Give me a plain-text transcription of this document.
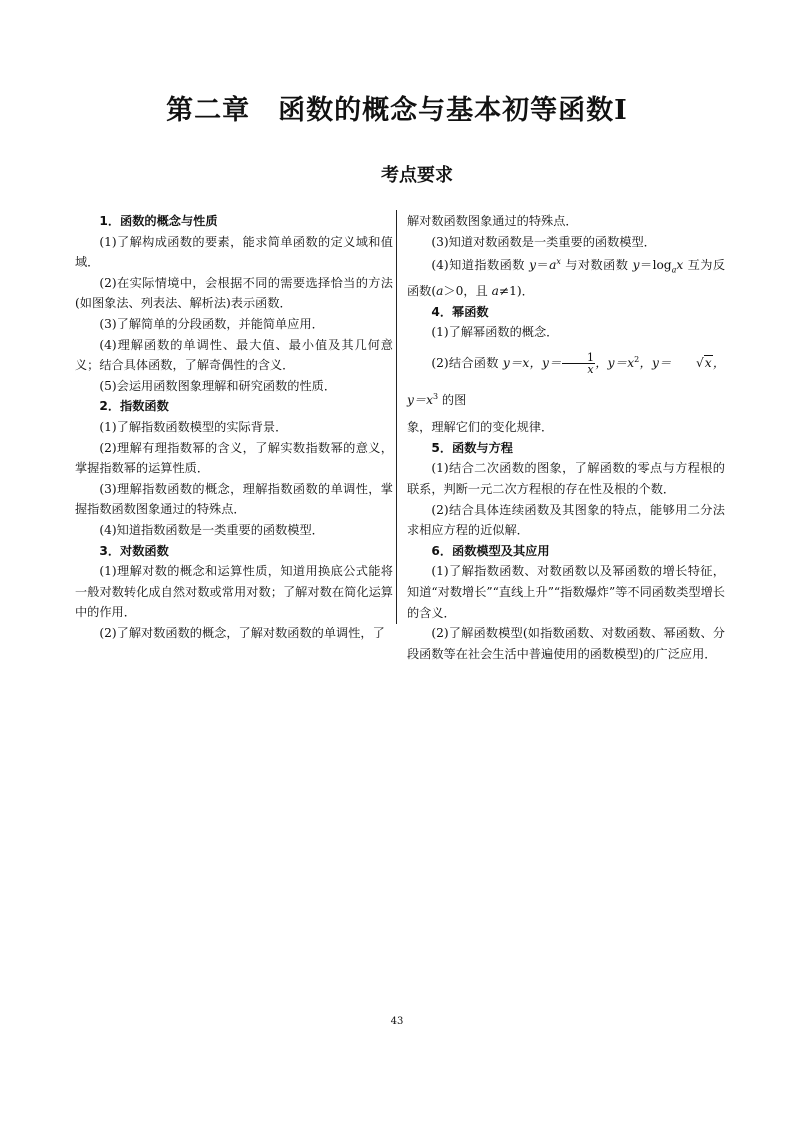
第二章　函数的概念与基本初等函数Ⅰ
考点要求
1．函数的概念与性质

(1)了解构成函数的要素，能求简单函数的定义域和值域．

(2)在实际情境中，会根据不同的需要选择恰当的方法(如图象法、列表法、解析法)表示函数．

(3)了解简单的分段函数，并能简单应用．

(4)理解函数的单调性、最大值、最小值及其几何意义；结合具体函数，了解奇偶性的含义．

(5)会运用函数图象理解和研究函数的性质．

2．指数函数

(1)了解指数函数模型的实际背景．

(2)理解有理指数幂的含义，了解实数指数幂的意义，掌握指数幂的运算性质．

(3)理解指数函数的概念，理解指数函数的单调性，掌握指数函数图象通过的特殊点．

(4)知道指数函数是一类重要的函数模型．

3．对数函数

(1)理解对数的概念和运算性质，知道用换底公式能将一般对数转化成自然对数或常用对数；了解对数在简化运算中的作用．

(2)了解对数函数的概念，了解对数函数的单调性，了

解对数函数图象通过的特殊点．

(3)知道对数函数是一类重要的函数模型．

(4)知道指数函数 $y=a^x$ 与对数函数 $y=\log_ax$ 互为反函数(a＞0，且 a≠1)．

4．幂函数

(1)了解幂函数的概念．

(2)结合函数 y＝x，$y= \frac{1}{x}$ ，$y=x^2$，y＝ √x，$y=x^3$ 的图

象，理解它们的变化规律．

5．函数与方程

(1)结合二次函数的图象，了解函数的零点与方程根的联系，判断一元二次方程根的存在性及根的个数．

(2)结合具体连续函数及其图象的特点，能够用二分法求相应方程的近似解．

6．函数模型及其应用

(1)了解指数函数、对数函数以及幂函数的增长特征，知道“对数增长”“直线上升”“指数爆炸”等不同函数类型增长的含义．

(2)了解函数模型(如指数函数、对数函数、幂函数、分段函数等在社会生活中普遍使用的函数模型)的广泛应用．

43
